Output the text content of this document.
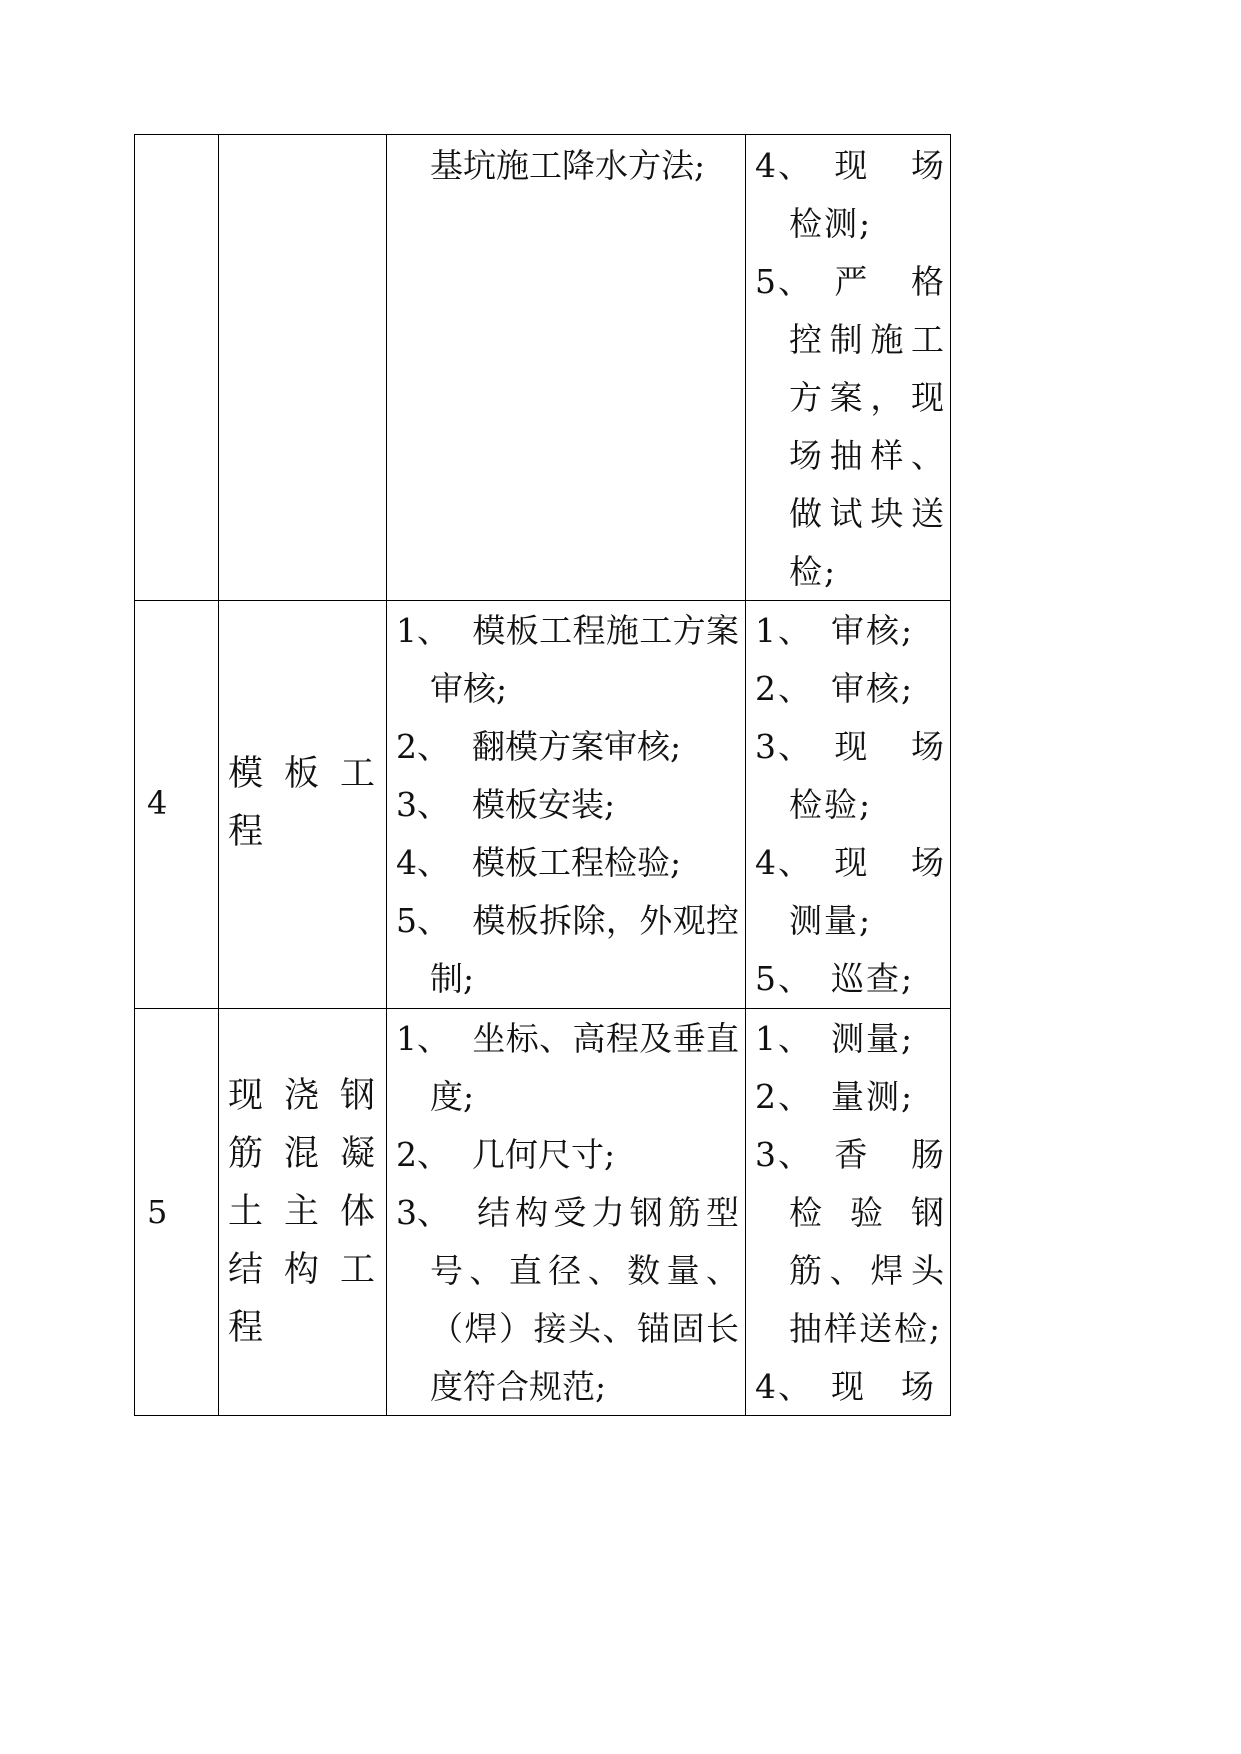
基坑施工降水方法;	4、 现　场检测;
5、 严　格控制施工方案，现场抽样、做试块送检;
4
模 板 工程
1、 模板工程施工方案审核;
2、 翻模方案审核;
3、 模板安装;
4、 模板工程检验;
5、 模板拆除，外观控制;
1、 审核;
2、 审核;
3、 现　场检验;
4、 现　场测量;
5、 巡查;
5
现 浇 钢筋 混 凝土 主 体结 构 工程
1、 坐标、高程及垂直度;
2、 几何尺寸;
3、 结构受力钢筋型号、直径、数量、（焊）接头、锚固长度符合规范;
1、 测量;
2、 量测;
3、 香　肠检验钢筋、焊头抽样送检;
4、 现　场
